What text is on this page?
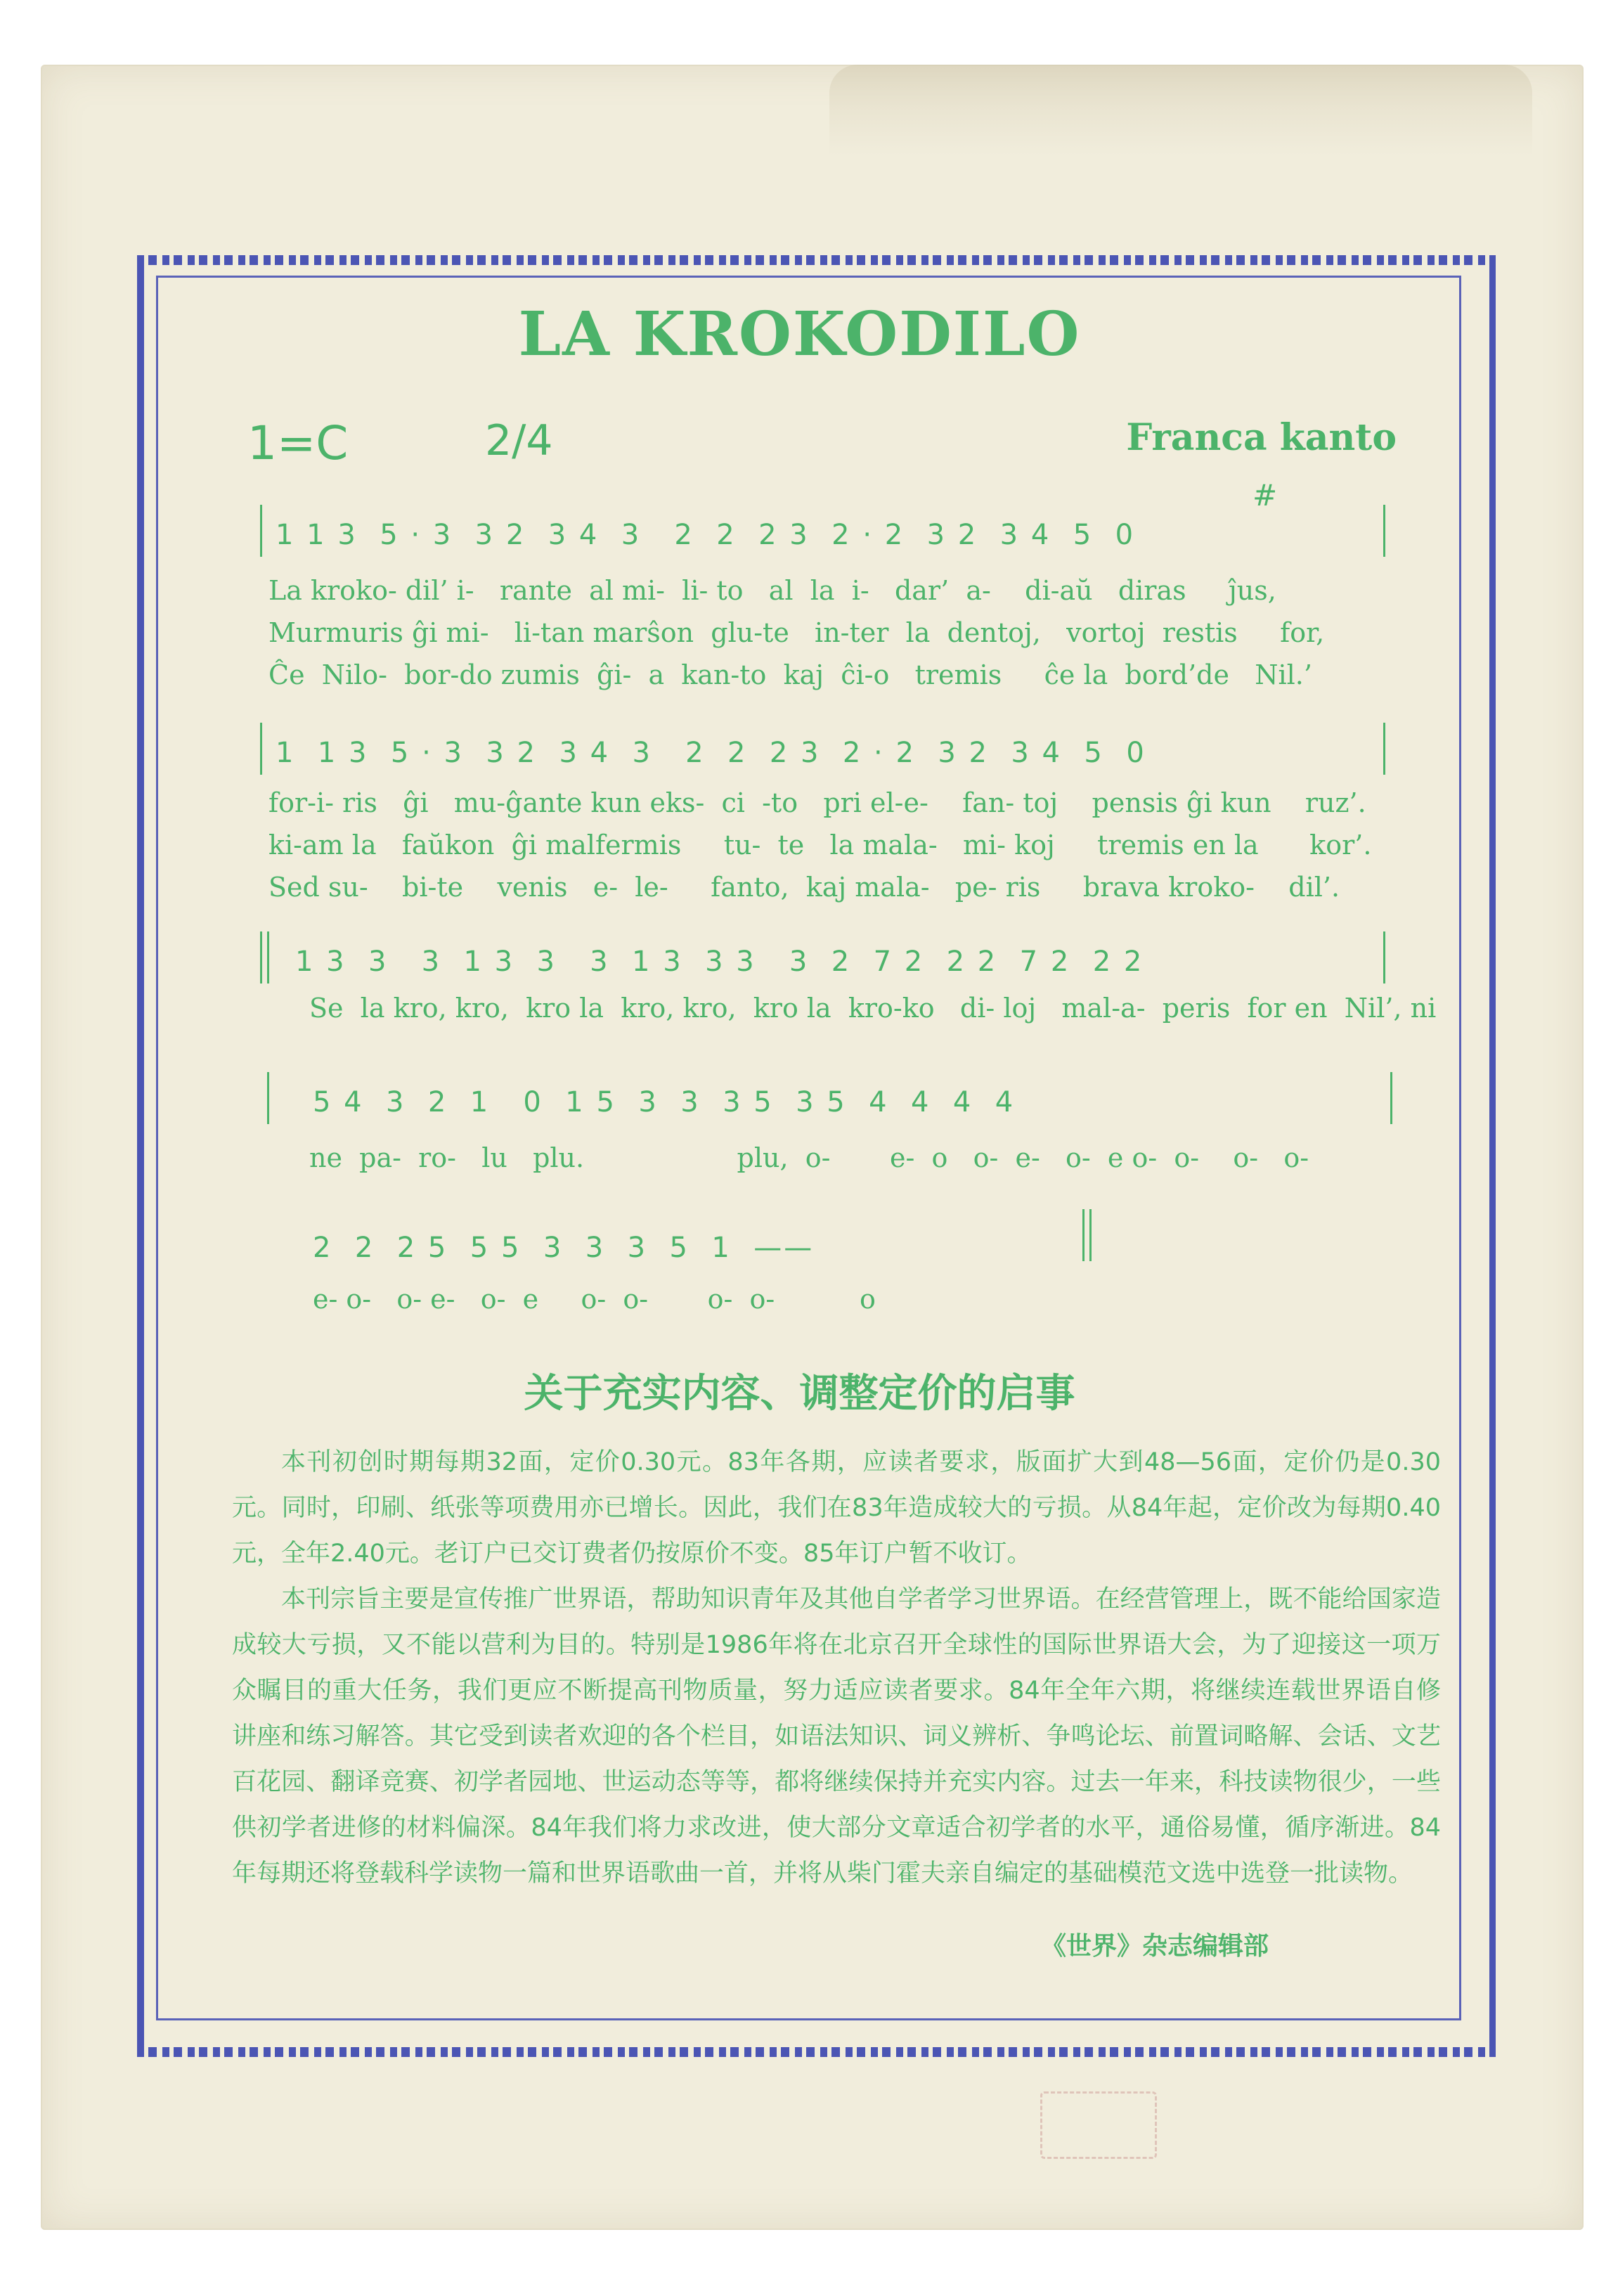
LA KROKODILO
1=C	2/4	Franca kanto
#
1 1 3  5 · 3  3 2  3 4  3   2  2  2 3  2 · 2  3 2  3 4  5  0
La kroko- dil’ i-   rante  al mi-  li- to   al  la  i-   dar’  a-    di-aŭ   diras     ĵus,
Murmuris ĝi mi-   li-tan marŝon  glu-te   in-ter  la  dentoj,   vortoj  restis     for,
Ĉe  Nilo-  bor-do zumis  ĝi-  a  kan-to  kaj  ĉi-o   tremis     ĉe la  bord’de   Nil.’
1  1 3  5 · 3  3 2  3 4  3   2  2  2 3  2 · 2  3 2  3 4  5  0
for-i- ris   ĝi   mu-ĝante kun eks-  ci  -to   pri el-e-    fan- toj    pensis ĝi kun    ruz’.
ki-am la   faŭkon  ĝi malfermis     tu-  te   la mala-   mi- koj     tremis en la      kor’.
Sed su-    bi-te    venis   e-  le-     fanto,  kaj mala-   pe- ris     brava kroko-    dil’.
1 3  3   3  1 3  3   3  1 3  3 3   3  2  7 2  2 2  7 2  2 2
Se  la kro, kro,  kro la  kro, kro,  kro la  kro-ko   di- loj   mal-a-  peris  for en  Nil’, ni
5 4  3  2  1   0  1 5  3  3  3 5  3 5  4  4  4  4
ne  pa-  ro-   lu   plu.                  plu,  o-       e-  o   o-  e-   o-  e o-  o-    o-   o-
2  2  2 5  5 5  3  3  3  5  1  ——
e- o-   o- e-   o-  e     o-  o-       o-  o-          o
关于充实内容、调整定价的启事
本刊初创时期每期32面，定价0.30元。83年各期，应读者要求，版面扩大到48—56面，定价仍是0.30元。同时，印刷、纸张等项费用亦已增长。因此，我们在83年造成较大的亏损。从84年起，定价改为每期0.40元，全年2.40元。老订户已交订费者仍按原价不变。85年订户暂不收订。
本刊宗旨主要是宣传推广世界语，帮助知识青年及其他自学者学习世界语。在经营管理上，既不能给国家造成较大亏损，又不能以营利为目的。特别是1986年将在北京召开全球性的国际世界语大会，为了迎接这一项万众瞩目的重大任务，我们更应不断提高刊物质量，努力适应读者要求。84年全年六期，将继续连载世界语自修讲座和练习解答。其它受到读者欢迎的各个栏目，如语法知识、词义辨析、争鸣论坛、前置词略解、会话、文艺百花园、翻译竞赛、初学者园地、世运动态等等，都将继续保持并充实内容。过去一年来，科技读物很少，一些供初学者进修的材料偏深。84年我们将力求改进，使大部分文章适合初学者的水平，通俗易懂，循序渐进。84年每期还将登载科学读物一篇和世界语歌曲一首，并将从柴门霍夫亲自编定的基础模范文选中选登一批读物。
《世界》杂志编辑部
